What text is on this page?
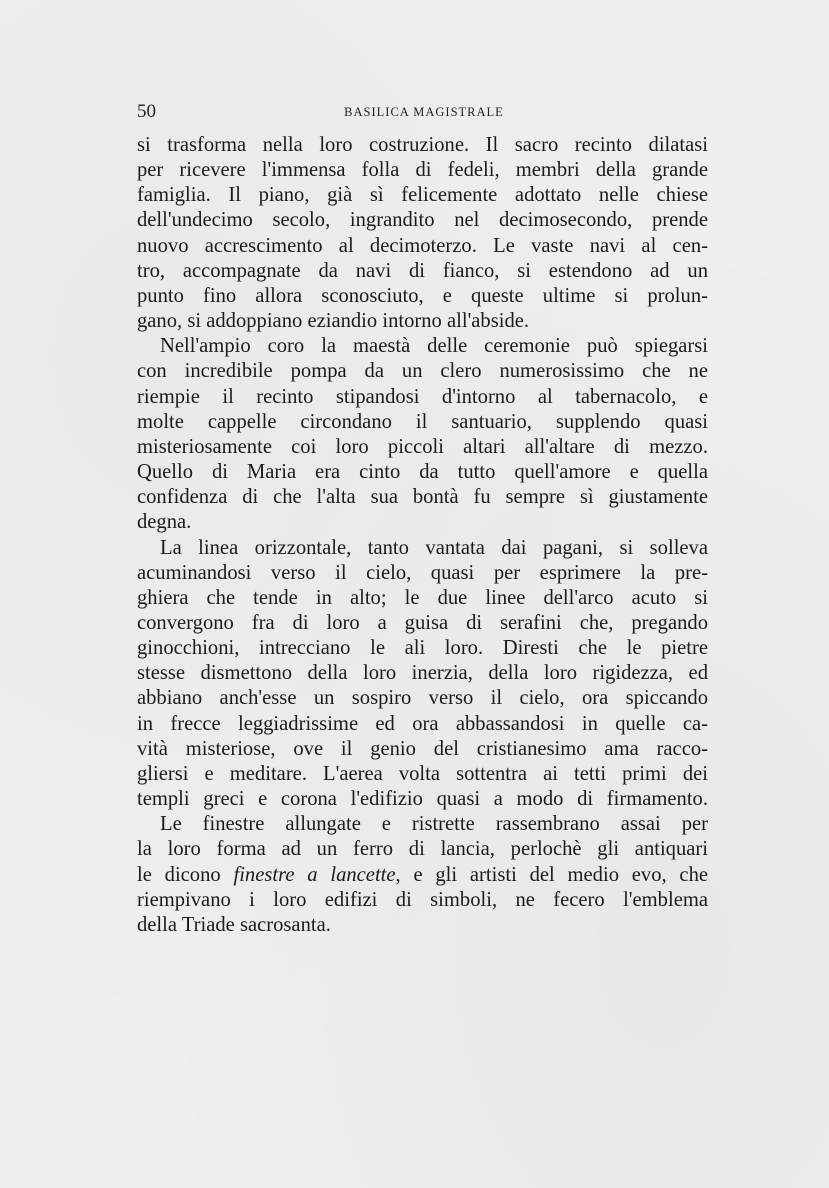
50	BASILICA MAGISTRALE
si trasforma nella loro costruzione. Il sacro recinto dilatasi
per ricevere l'immensa folla di fedeli, membri della grande
famiglia. Il piano, già sì felicemente adottato nelle chiese
dell'undecimo secolo, ingrandito nel decimosecondo, prende
nuovo accrescimento al decimoterzo. Le vaste navi al cen-
tro, accompagnate da navi di fianco, si estendono ad un
punto fino allora sconosciuto, e queste ultime si prolun-
gano, si addoppiano eziandio intorno all'abside.
Nell'ampio coro la maestà delle ceremonie può spiegarsi
con incredibile pompa da un clero numerosissimo che ne
riempie il recinto stipandosi d'intorno al tabernacolo, e
molte cappelle circondano il santuario, supplendo quasi
misteriosamente coi loro piccoli altari all'altare di mezzo.
Quello di Maria era cinto da tutto quell'amore e quella
confidenza di che l'alta sua bontà fu sempre sì giustamente
degna.
La linea orizzontale, tanto vantata dai pagani, si solleva
acuminandosi verso il cielo, quasi per esprimere la pre-
ghiera che tende in alto; le due linee dell'arco acuto si
convergono fra di loro a guisa di serafini che, pregando
ginocchioni, intrecciano le ali loro. Diresti che le pietre
stesse dismettono della loro inerzia, della loro rigidezza, ed
abbiano anch'esse un sospiro verso il cielo, ora spiccando
in frecce leggiadrissime ed ora abbassandosi in quelle ca-
vità misteriose, ove il genio del cristianesimo ama racco-
gliersi e meditare. L'aerea volta sottentra ai tetti primi dei
templi greci e corona l'edifizio quasi a modo di firmamento.
Le finestre allungate e ristrette rassembrano assai per
la loro forma ad un ferro di lancia, perlochè gli antiquari
le dicono finestre a lancette, e gli artisti del medio evo, che
riempivano i loro edifizi di simboli, ne fecero l'emblema
della Triade sacrosanta.
